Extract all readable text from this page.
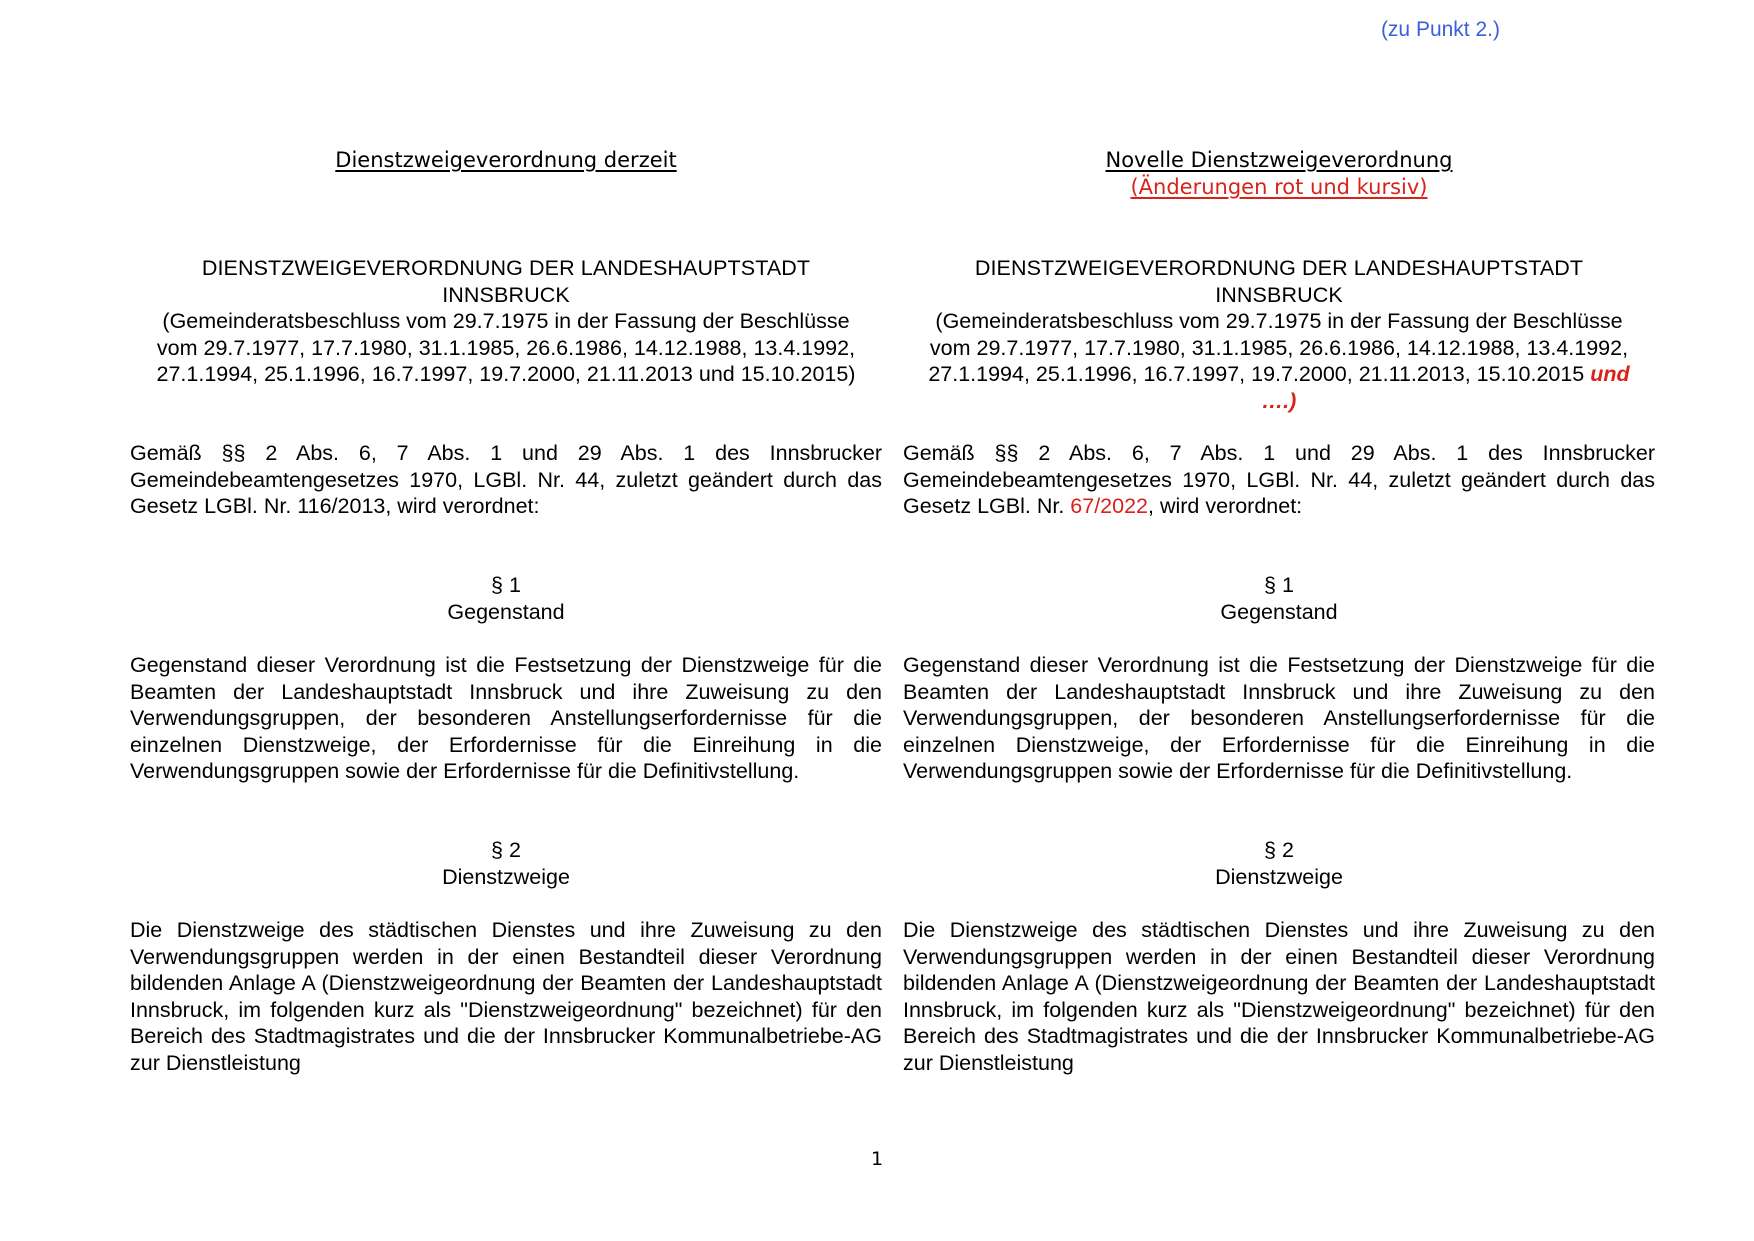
(zu Punkt 2.)
Dienstzweigeverordnung derzeit
DIENSTZWEIGEVERORDNUNG DER LANDESHAUPTSTADT
INNSBRUCK
(Gemeinderatsbeschluss vom 29.7.1975 in der Fassung der Beschlüsse vom 29.7.1977, 17.7.1980, 31.1.1985, 26.6.1986, 14.12.1988, 13.4.1992, 27.1.1994, 25.1.1996, 16.7.1997, 19.7.2000, 21.11.2013 und 15.10.2015)
Gemäß §§ 2 Abs. 6, 7 Abs. 1 und 29 Abs. 1 des Innsbrucker Gemeindebeamtengesetzes 1970, LGBl. Nr. 44, zuletzt geändert durch das Gesetz LGBl. Nr. 116/2013, wird verordnet:
§ 1
Gegenstand
Gegenstand dieser Verordnung ist die Festsetzung der Dienstzweige für die Beamten der Landeshauptstadt Innsbruck und ihre Zuweisung zu den Verwendungsgruppen, der besonderen Anstellungserfordernisse für die einzelnen Dienstzweige, der Erfordernisse für die Einreihung in die Verwendungsgruppen sowie der Erfordernisse für die Definitivstellung.
§ 2
Dienstzweige
Die Dienstzweige des städtischen Dienstes und ihre Zuweisung zu den Verwendungsgruppen werden in der einen Bestandteil dieser Verordnung bildenden Anlage A (Dienstzweigeordnung der Beamten der Landeshauptstadt Innsbruck, im folgenden kurz als "Dienstzweigeordnung" bezeichnet) für den Bereich des Stadtmagistrates und die der Innsbrucker Kommunalbetriebe-AG zur Dienstleistung
Novelle Dienstzweigeverordnung
(Änderungen rot und kursiv)
DIENSTZWEIGEVERORDNUNG DER LANDESHAUPTSTADT
INNSBRUCK
(Gemeinderatsbeschluss vom 29.7.1975 in der Fassung der Beschlüsse vom 29.7.1977, 17.7.1980, 31.1.1985, 26.6.1986, 14.12.1988, 13.4.1992, 27.1.1994, 25.1.1996, 16.7.1997, 19.7.2000, 21.11.2013, 15.10.2015 und ….)
Gemäß §§ 2 Abs. 6, 7 Abs. 1 und 29 Abs. 1 des Innsbrucker Gemeindebeamtengesetzes 1970, LGBl. Nr. 44, zuletzt geändert durch das Gesetz LGBl. Nr. 67/2022, wird verordnet:
§ 1
Gegenstand
Gegenstand dieser Verordnung ist die Festsetzung der Dienstzweige für die Beamten der Landeshauptstadt Innsbruck und ihre Zuweisung zu den Verwendungsgruppen, der besonderen Anstellungserfordernisse für die einzelnen Dienstzweige, der Erfordernisse für die Einreihung in die Verwendungsgruppen sowie der Erfordernisse für die Definitivstellung.
§ 2
Dienstzweige
Die Dienstzweige des städtischen Dienstes und ihre Zuweisung zu den Verwendungsgruppen werden in der einen Bestandteil dieser Verordnung bildenden Anlage A (Dienstzweigeordnung der Beamten der Landeshauptstadt Innsbruck, im folgenden kurz als "Dienstzweigeordnung" bezeichnet) für den Bereich des Stadtmagistrates und die der Innsbrucker Kommunalbetriebe-AG zur Dienstleistung
1
